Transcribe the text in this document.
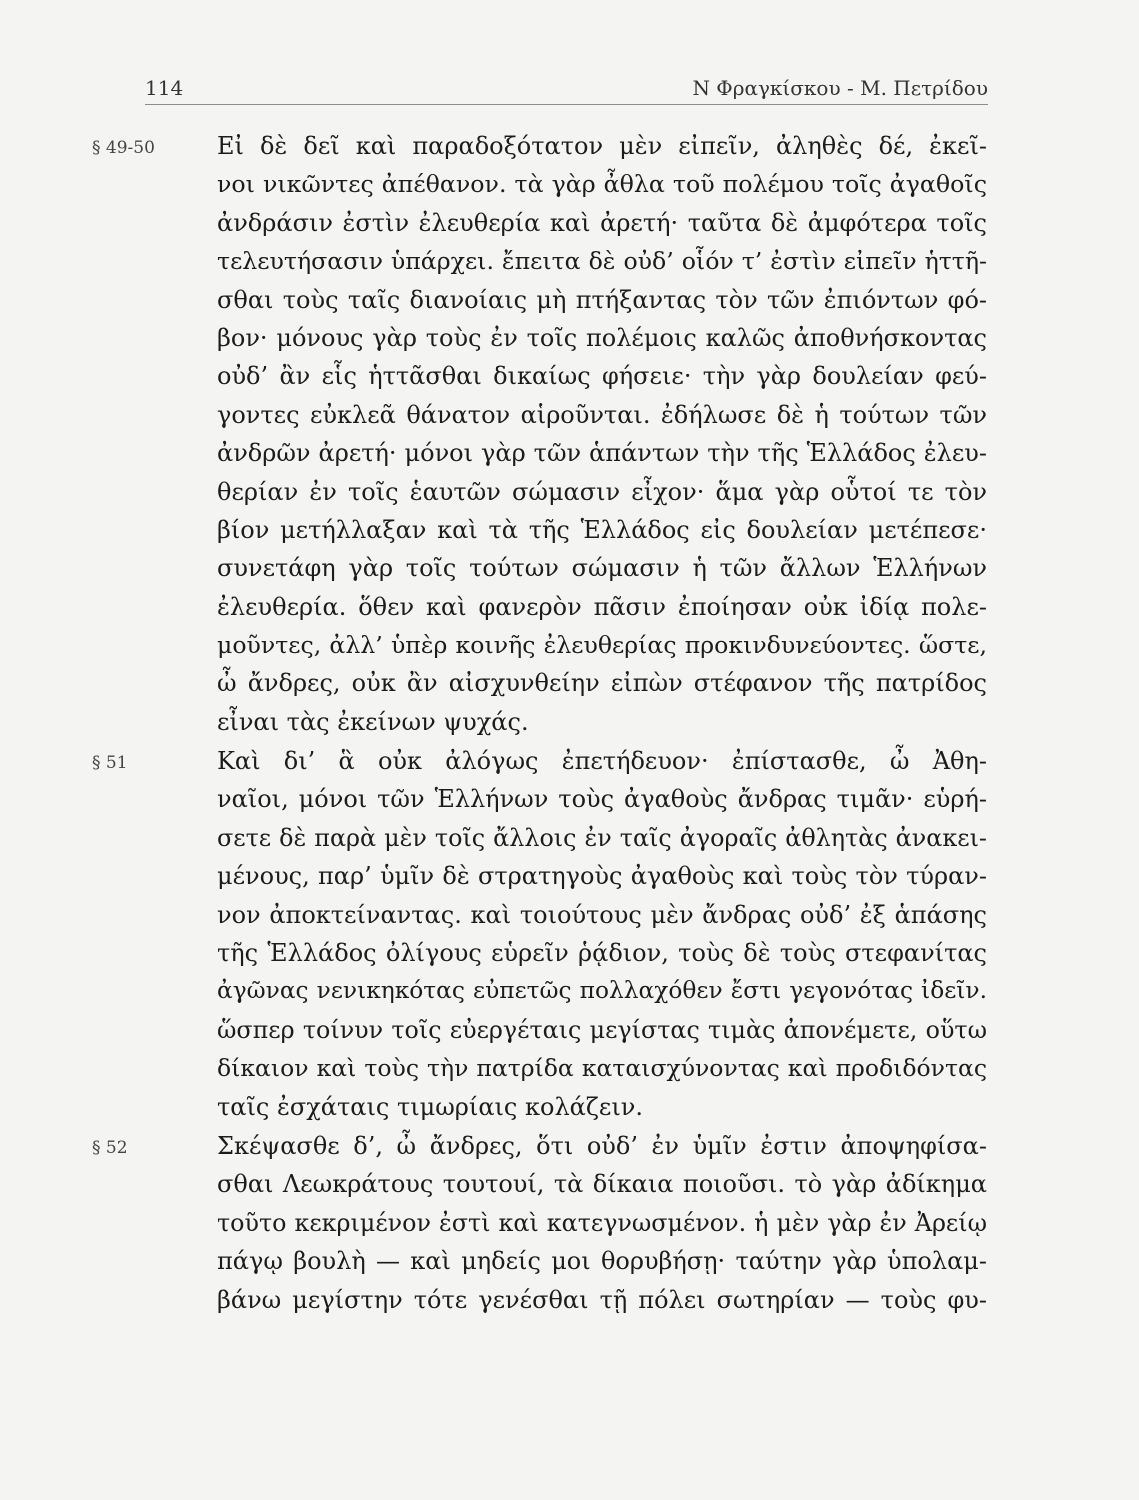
114	Ν Φραγκίσκου - Μ. Πετρίδου
§ 49-50	Εἰ δὲ δεῖ καὶ παραδοξότατον μὲν εἰπεῖν, ἀληθὲς δέ, ἐκεῖ-
νοι νικῶντες ἀπέθανον. τὰ γὰρ ἆθλα τοῦ πολέμου τοῖς ἀγαθοῖς
ἀνδράσιν ἐστὶν ἐλευθερία καὶ ἀρετή· ταῦτα δὲ ἀμφότερα τοῖς
τελευτήσασιν ὑπάρχει. ἔπειτα δὲ οὐδ’ οἷόν τ’ ἐστὶν εἰπεῖν ἡττῆ-
σθαι τοὺς ταῖς διανοίαις μὴ πτήξαντας τὸν τῶν ἐπιόντων φό-
βον· μόνους γὰρ τοὺς ἐν τοῖς πολέμοις καλῶς ἀποθνήσκοντας
οὐδ’ ἂν εἷς ἡττᾶσθαι δικαίως φήσειε· τὴν γὰρ δουλείαν φεύ-
γοντες εὐκλεᾶ θάνατον αἱροῦνται. ἐδήλωσε δὲ ἡ τούτων τῶν
ἀνδρῶν ἀρετή· μόνοι γὰρ τῶν ἁπάντων τὴν τῆς Ἑλλάδος ἐλευ-
θερίαν ἐν τοῖς ἑαυτῶν σώμασιν εἶχον· ἅμα γὰρ οὗτοί τε τὸν
βίον μετήλλαξαν καὶ τὰ τῆς Ἑλλάδος εἰς δουλείαν μετέπεσε·
συνετάφη γὰρ τοῖς τούτων σώμασιν ἡ τῶν ἄλλων Ἑλλήνων
ἐλευθερία. ὅθεν καὶ φανερὸν πᾶσιν ἐποίησαν οὐκ ἰδίᾳ πολε-
μοῦντες, ἀλλ’ ὑπὲρ κοινῆς ἐλευθερίας προκινδυνεύοντες. ὥστε,
ὦ ἄνδρες, οὐκ ἂν αἰσχυνθείην εἰπὼν στέφανον τῆς πατρίδος
εἶναι τὰς ἐκείνων ψυχάς.
§ 51	Καὶ δι’ ἃ οὐκ ἀλόγως ἐπετήδευον· ἐπίστασθε, ὦ Ἀθη-
ναῖοι, μόνοι τῶν Ἑλλήνων τοὺς ἀγαθοὺς ἄνδρας τιμᾶν· εὑρή-
σετε δὲ παρὰ μὲν τοῖς ἄλλοις ἐν ταῖς ἀγοραῖς ἀθλητὰς ἀνακει-
μένους, παρ’ ὑμῖν δὲ στρατηγοὺς ἀγαθοὺς καὶ τοὺς τὸν τύραν-
νον ἀποκτείναντας. καὶ τοιούτους μὲν ἄνδρας οὐδ’ ἐξ ἁπάσης
τῆς Ἑλλάδος ὀλίγους εὑρεῖν ῥᾴδιον, τοὺς δὲ τοὺς στεφανίτας
ἀγῶνας νενικηκότας εὐπετῶς πολλαχόθεν ἔστι γεγονότας ἰδεῖν.
ὥσπερ τοίνυν τοῖς εὐεργέταις μεγίστας τιμὰς ἀπονέμετε, οὕτω
δίκαιον καὶ τοὺς τὴν πατρίδα καταισχύνοντας καὶ προδιδόντας
ταῖς ἐσχάταις τιμωρίαις κολάζειν.
§ 52	Σκέψασθε δ’, ὦ ἄνδρες, ὅτι οὐδ’ ἐν ὑμῖν ἐστιν ἀποψηφίσα-
σθαι Λεωκράτους τουτουί, τὰ δίκαια ποιοῦσι. τὸ γὰρ ἀδίκημα
τοῦτο κεκριμένον ἐστὶ καὶ κατεγνωσμένον. ἡ μὲν γὰρ ἐν Ἀρείῳ
πάγῳ βουλὴ — καὶ μηδείς μοι θορυβήσῃ· ταύτην γὰρ ὑπολαμ-
βάνω μεγίστην τότε γενέσθαι τῇ πόλει σωτηρίαν — τοὺς φυ-
